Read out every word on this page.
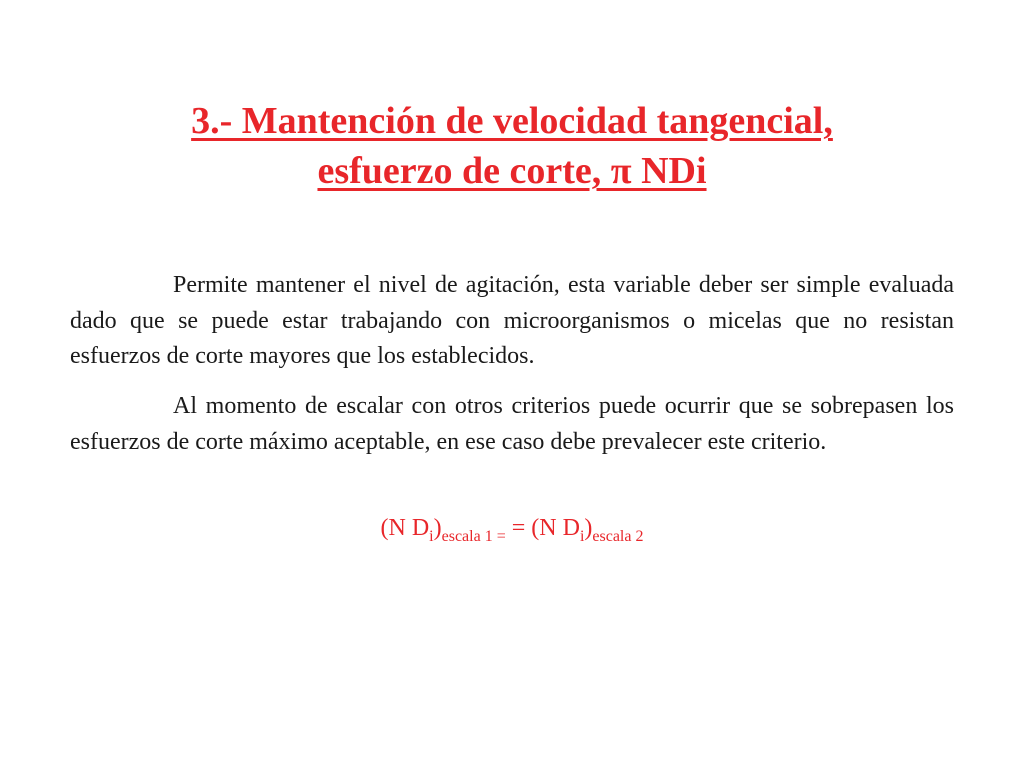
3.- Mantención de velocidad tangencial,
esfuerzo de corte, π NDi

Permite mantener el nivel de agitación, esta variable deber ser simple evaluada dado que se puede estar trabajando con microorganismos o micelas que no resistan esfuerzos de corte mayores que los establecidos.

Al momento de escalar con otros criterios puede ocurrir que se sobrepasen los esfuerzos de corte máximo aceptable, en ese caso debe prevalecer este criterio.

(N $D_i)_{escala 1 =} = (N$ $D_i)_{escala 2}$
